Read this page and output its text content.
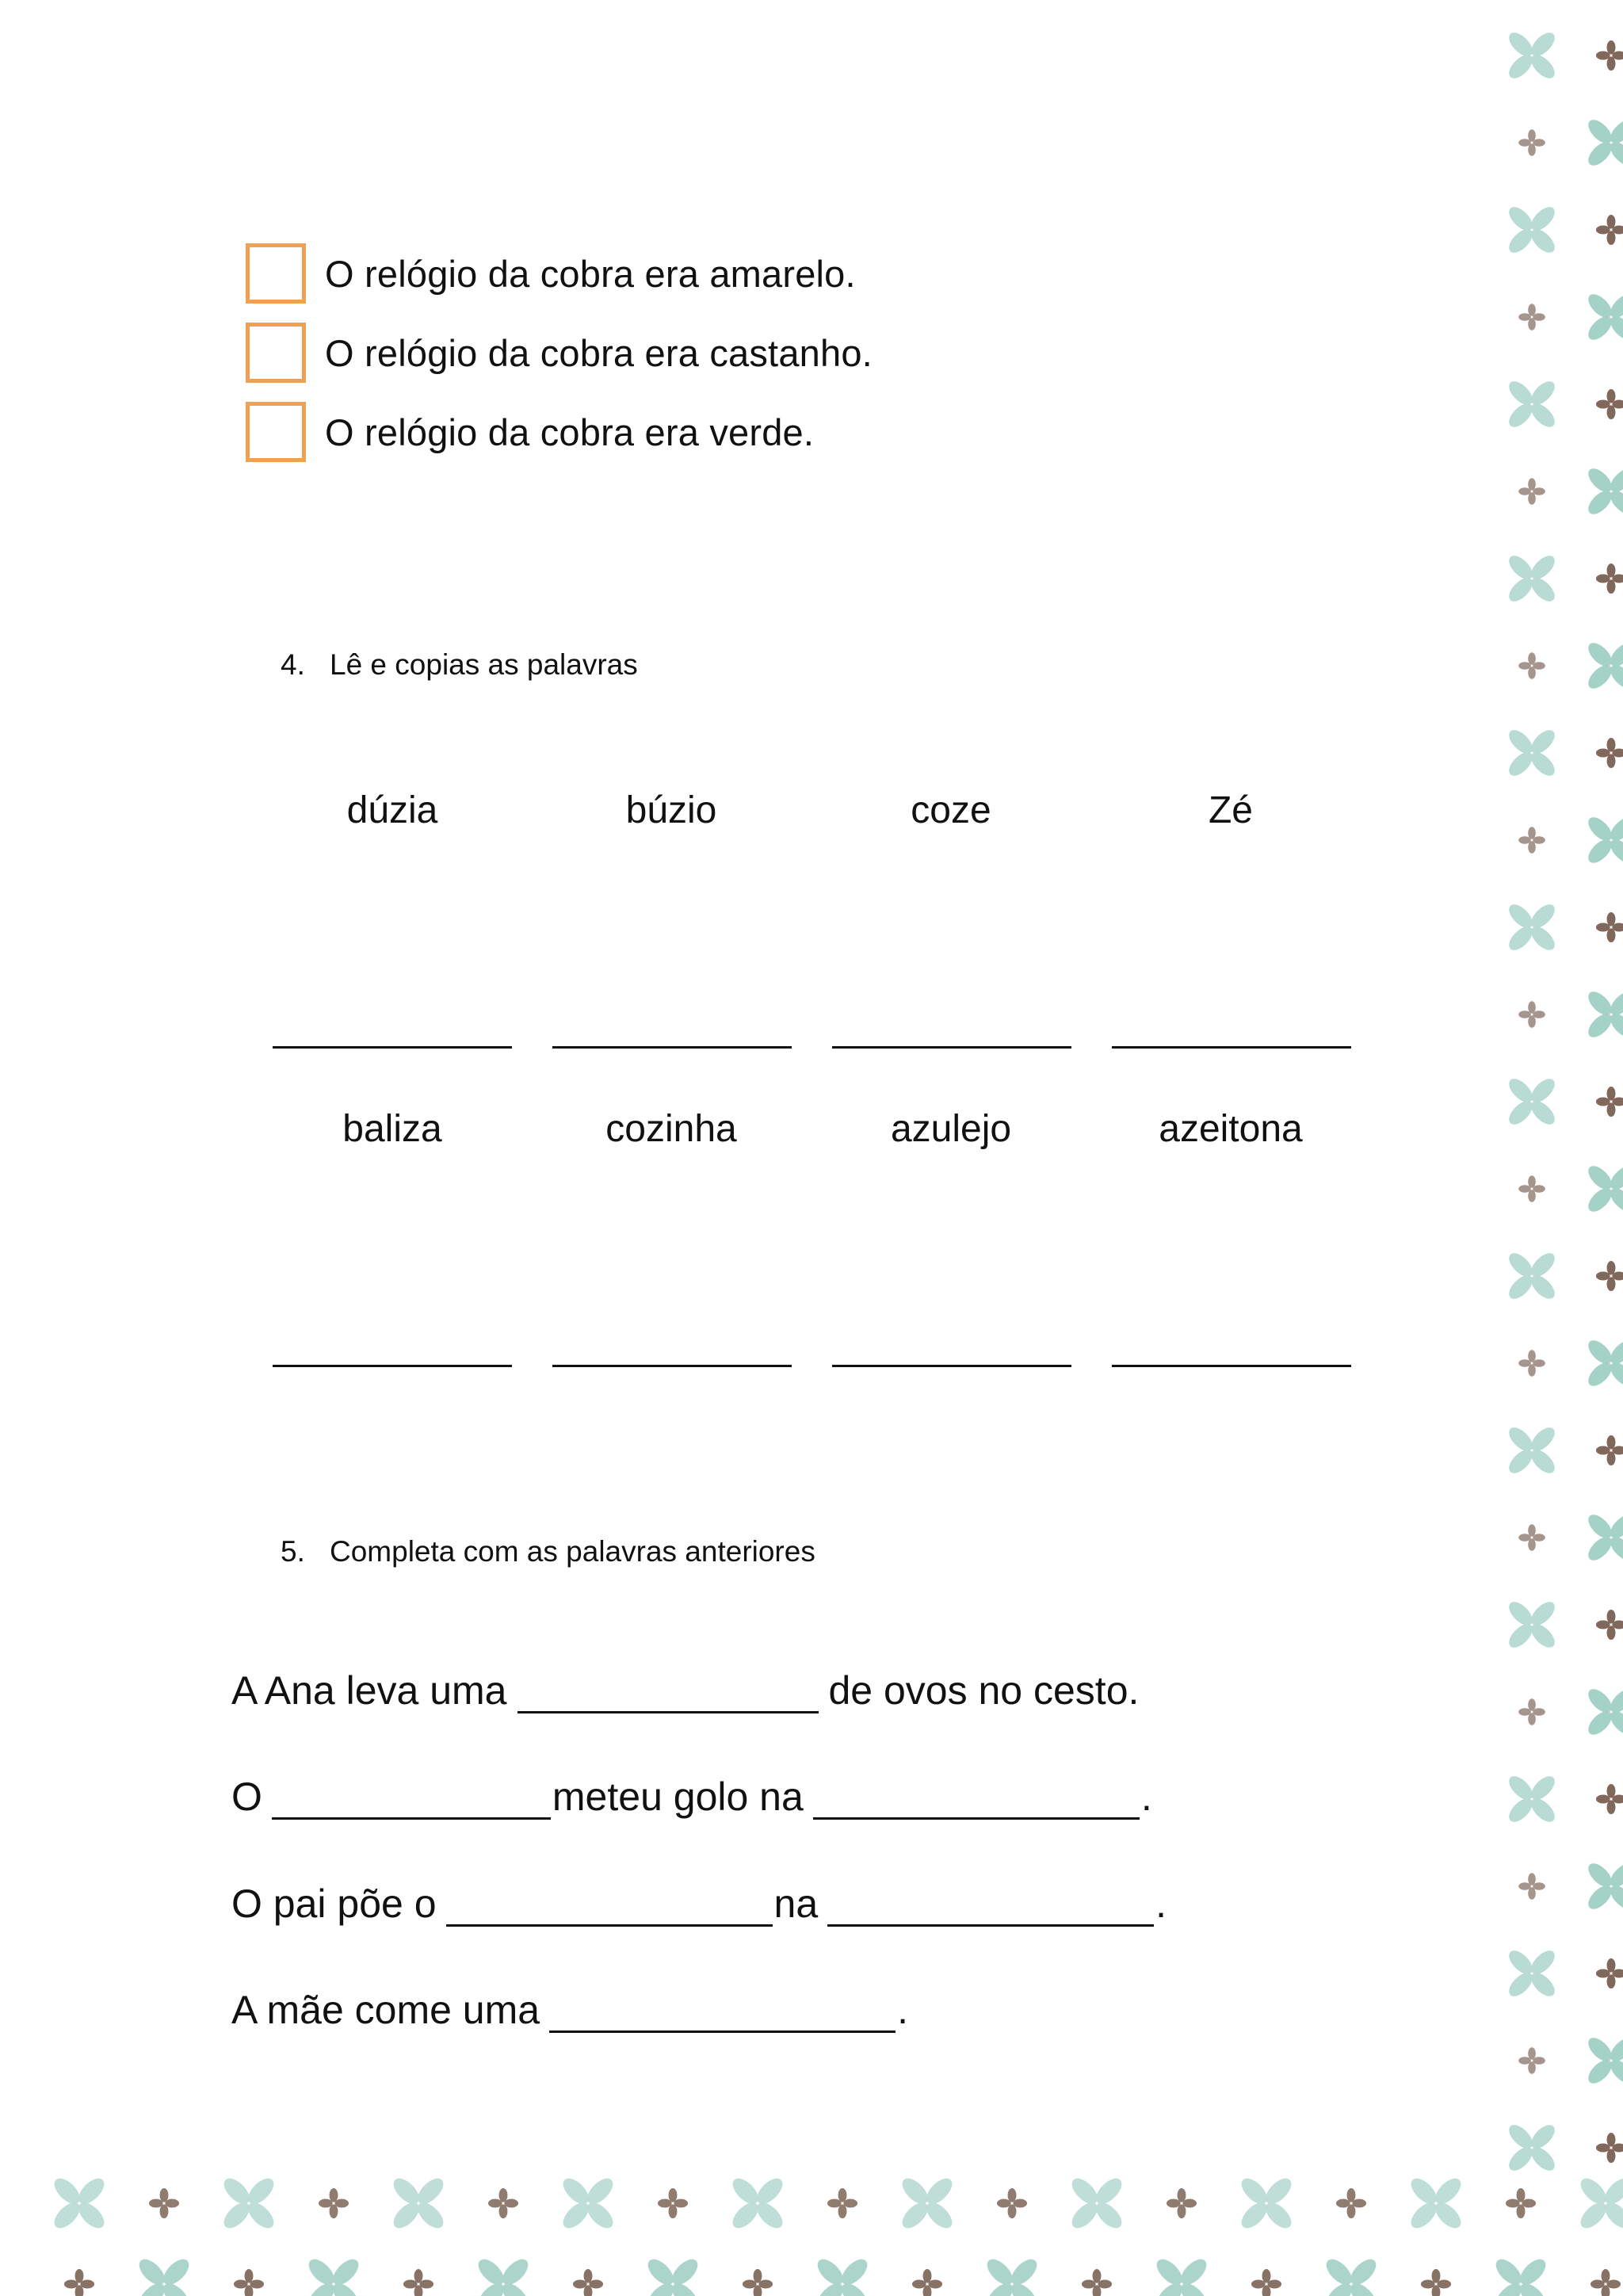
O relógio da cobra era amarelo.
O relógio da cobra era castanho.
O relógio da cobra era verde.
4. Lê e copias as palavras
dúzia	búzio	coze	Zé
baliza	cozinha	azulejo	azeitona
5. Completa com as palavras anteriores
A Ana leva uma	de ovos no cesto.
O	meteu golo na	.
O pai põe o	na	.
A mãe come uma	.
